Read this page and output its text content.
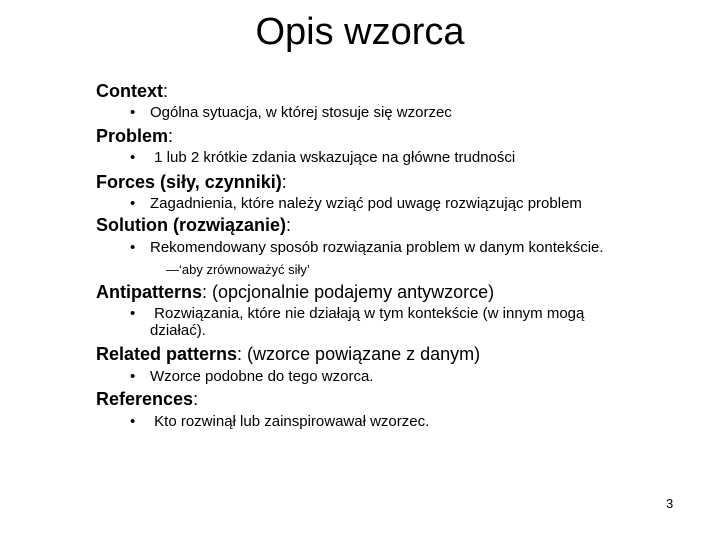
Opis wzorca
Context:
• Ogólna sytuacja, w której stosuje się wzorzec
Problem:
• 1 lub 2 krótkie zdania wskazujące na główne trudności
Forces (siły, czynniki):
• Zagadnienia, które należy wziąć pod uwagę rozwiązując problem
Solution (rozwiązanie):
• Rekomendowany sposób rozwiązania problem w danym kontekście.
—‘aby zrównoważyć siły’
Antipatterns: (opcjonalnie podajemy antywzorce)
• Rozwiązania, które nie działają w tym kontekście (w innym mogą
działać).
Related patterns: (wzorce powiązane z danym)
• Wzorce podobne do tego wzorca.
References:
• Kto rozwinął lub zainspirowawał wzorzec.
3
